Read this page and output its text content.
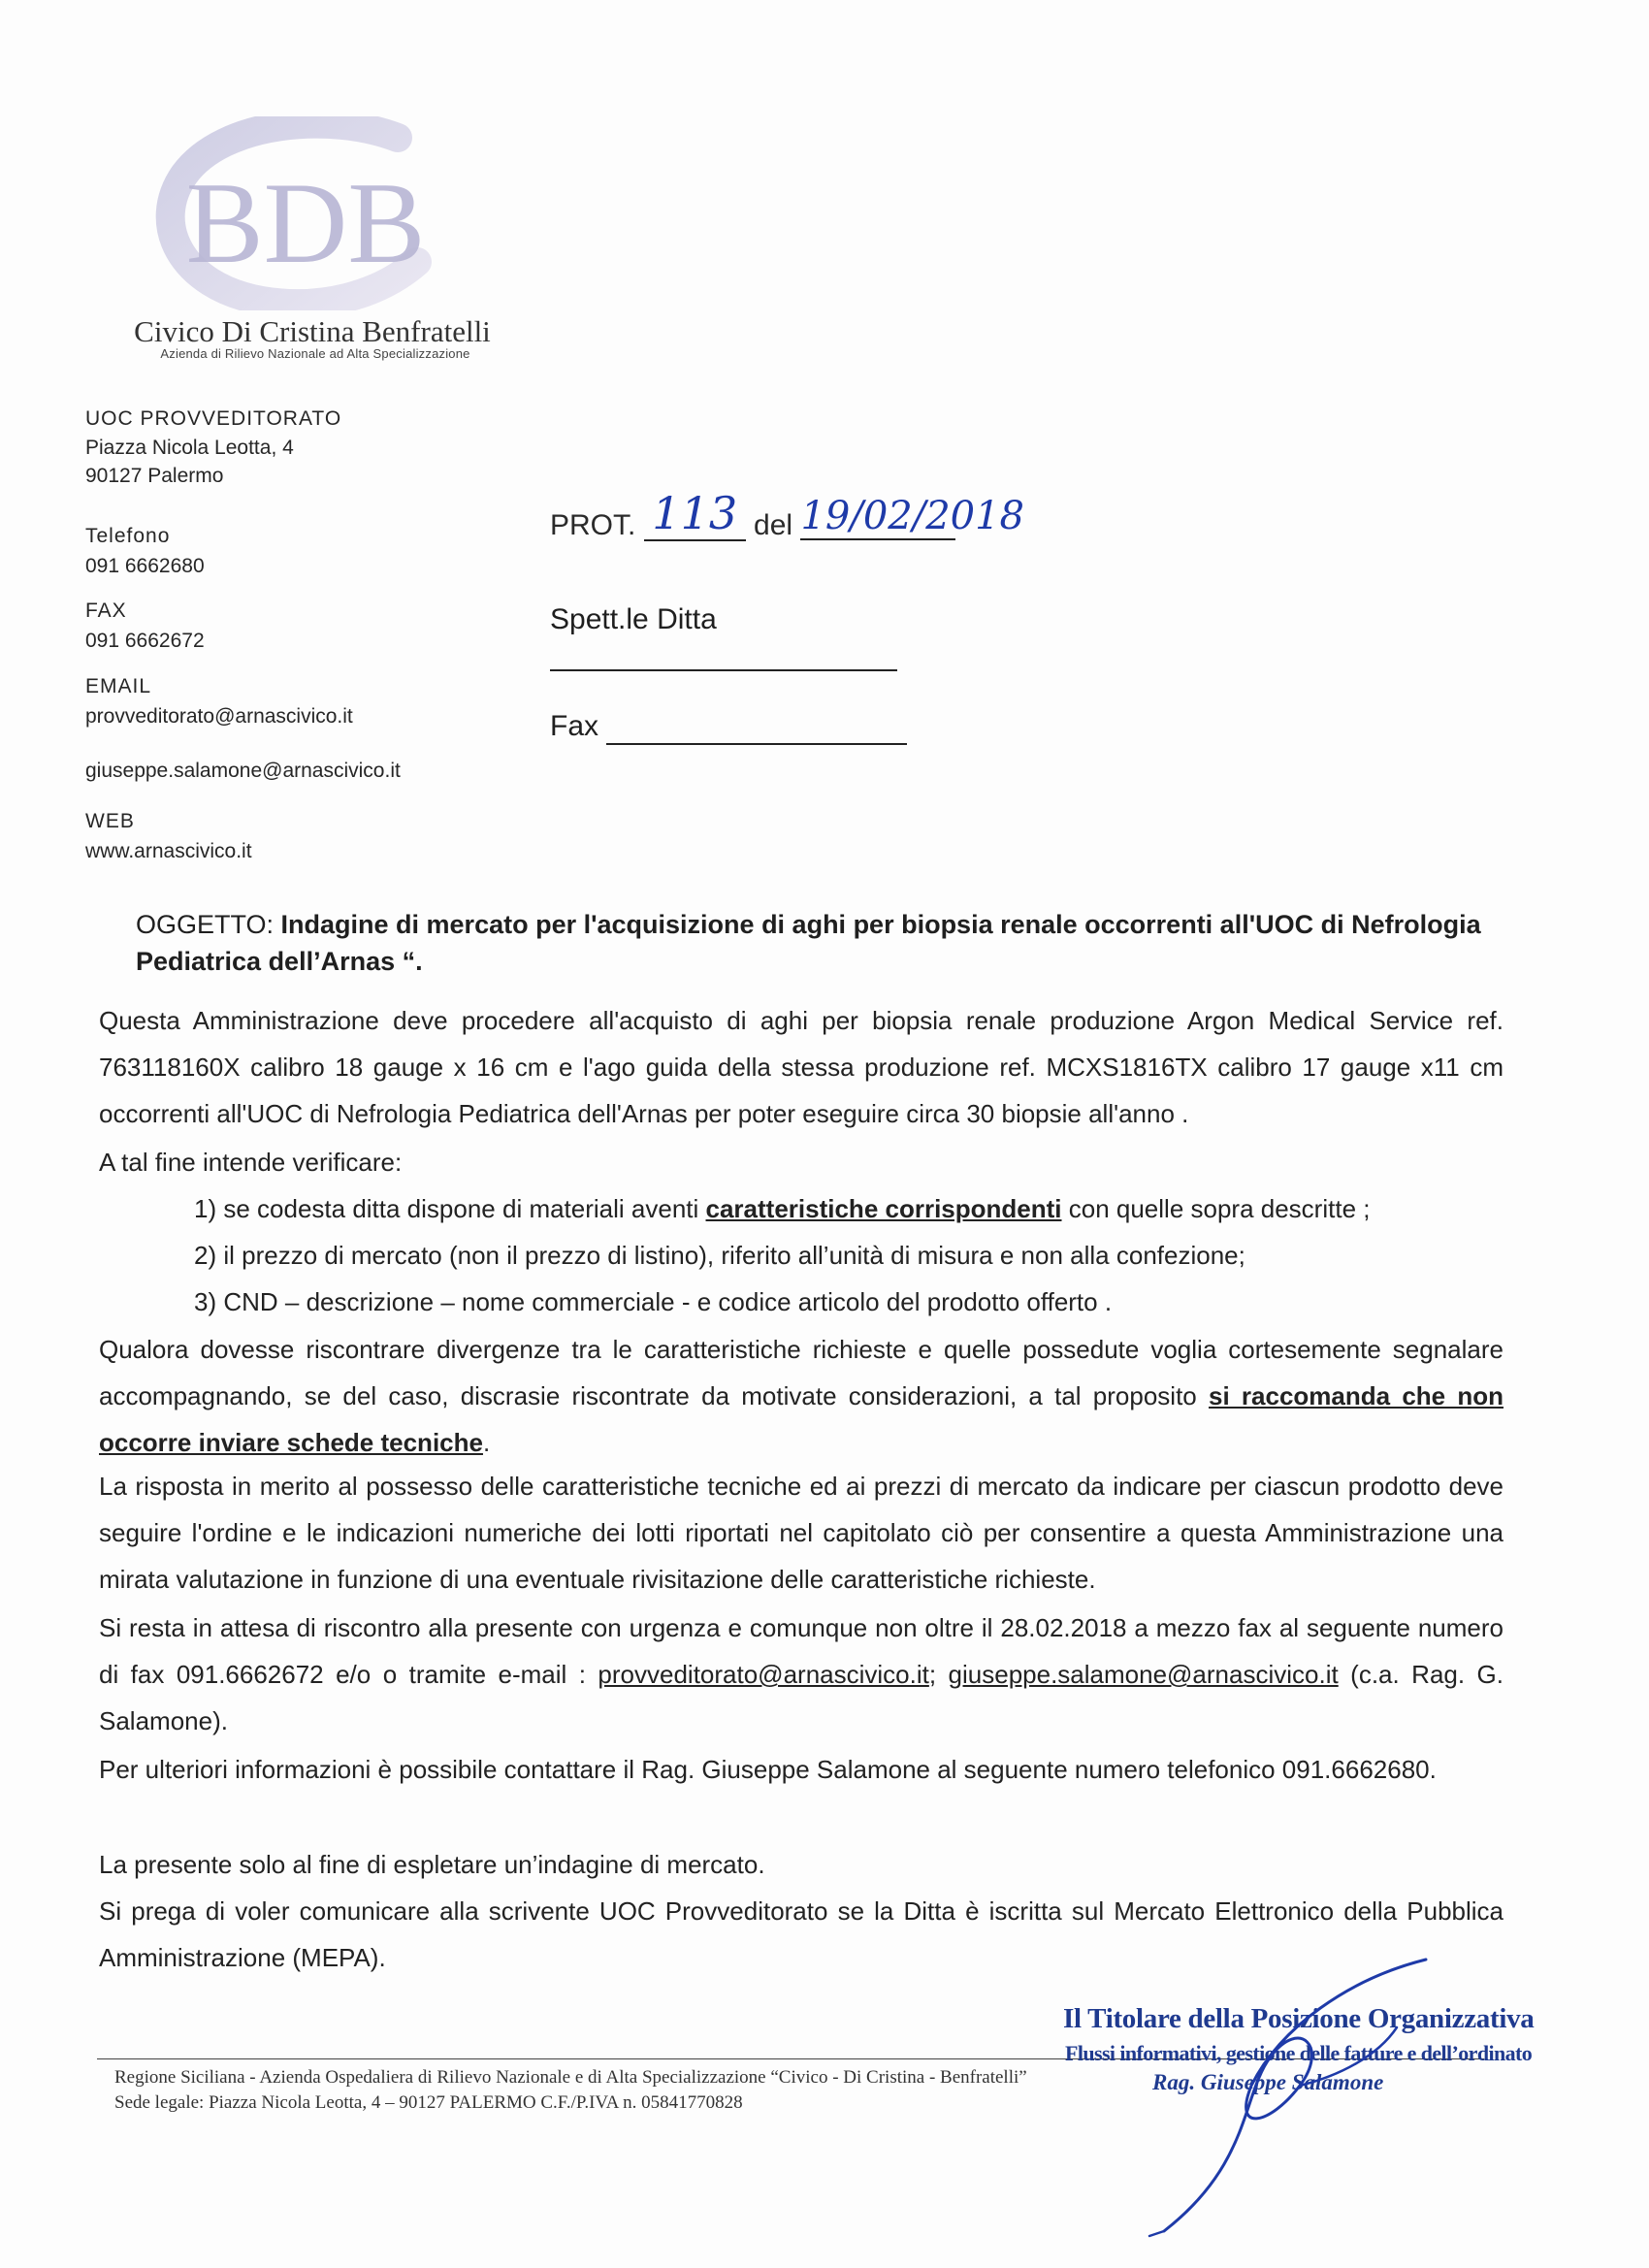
BDB
Civico Di Cristina Benfratelli
Azienda di Rilievo Nazionale ad Alta Specializzazione
UOC PROVVEDITORATO
Piazza Nicola Leotta, 4
90127 Palermo
Telefono
091 6662680
FAX
091 6662672
EMAIL
provveditorato@arnascivico.it
giuseppe.salamone@arnascivico.it
WEB
www.arnascivico.it
PROT. 113 del 19/02/2018
Spett.le Ditta
Fax
OGGETTO: Indagine di mercato per l'acquisizione di aghi per biopsia renale occorrenti all'UOC di Nefrologia Pediatrica dell’Arnas “.
Questa Amministrazione deve procedere all'acquisto di aghi per biopsia renale produzione Argon Medical Service ref. 763118160X calibro 18 gauge x 16 cm e l'ago guida della stessa produzione ref. MCXS1816TX calibro 17 gauge x11 cm occorrenti all'UOC di Nefrologia Pediatrica dell'Arnas per poter eseguire circa 30 biopsie all'anno .
A tal fine intende verificare:
1) se codesta ditta dispone di materiali aventi caratteristiche corrispondenti con quelle sopra descritte ;
2) il prezzo di mercato (non il prezzo di listino), riferito all’unità di misura e non alla confezione;
3) CND – descrizione – nome commerciale - e codice articolo del prodotto offerto .
Qualora dovesse riscontrare divergenze tra le caratteristiche richieste e quelle possedute voglia cortesemente segnalare accompagnando, se del caso, discrasie riscontrate da motivate considerazioni, a tal proposito si raccomanda che non occorre inviare schede tecniche.
La risposta in merito al possesso delle caratteristiche tecniche ed ai prezzi di mercato da indicare per ciascun prodotto deve seguire l'ordine e le indicazioni numeriche dei lotti riportati nel capitolato ciò per consentire a questa Amministrazione una mirata valutazione in funzione di una eventuale rivisitazione delle caratteristiche richieste.
Si resta in attesa di riscontro alla presente con urgenza e comunque non oltre il 28.02.2018 a mezzo fax al seguente numero di fax 091.6662672 e/o o tramite e-mail : provveditorato@arnascivico.it; giuseppe.salamone@arnascivico.it (c.a. Rag. G. Salamone).
Per ulteriori informazioni è possibile contattare il Rag. Giuseppe Salamone al seguente numero telefonico 091.6662680.
La presente solo al fine di espletare un’indagine di mercato.
Si prega di voler comunicare alla scrivente UOC Provveditorato se la Ditta è iscritta sul Mercato Elettronico della Pubblica Amministrazione (MEPA).
Il Titolare della Posizione Organizzativa
Flussi informativi, gestione delle fatture e dell’ordinato
Rag. Giuseppe Salamone
Regione Siciliana - Azienda Ospedaliera di Rilievo Nazionale e di Alta Specializzazione “Civico - Di Cristina - Benfratelli”
Sede legale: Piazza Nicola Leotta, 4 – 90127 PALERMO C.F./P.IVA n. 05841770828
